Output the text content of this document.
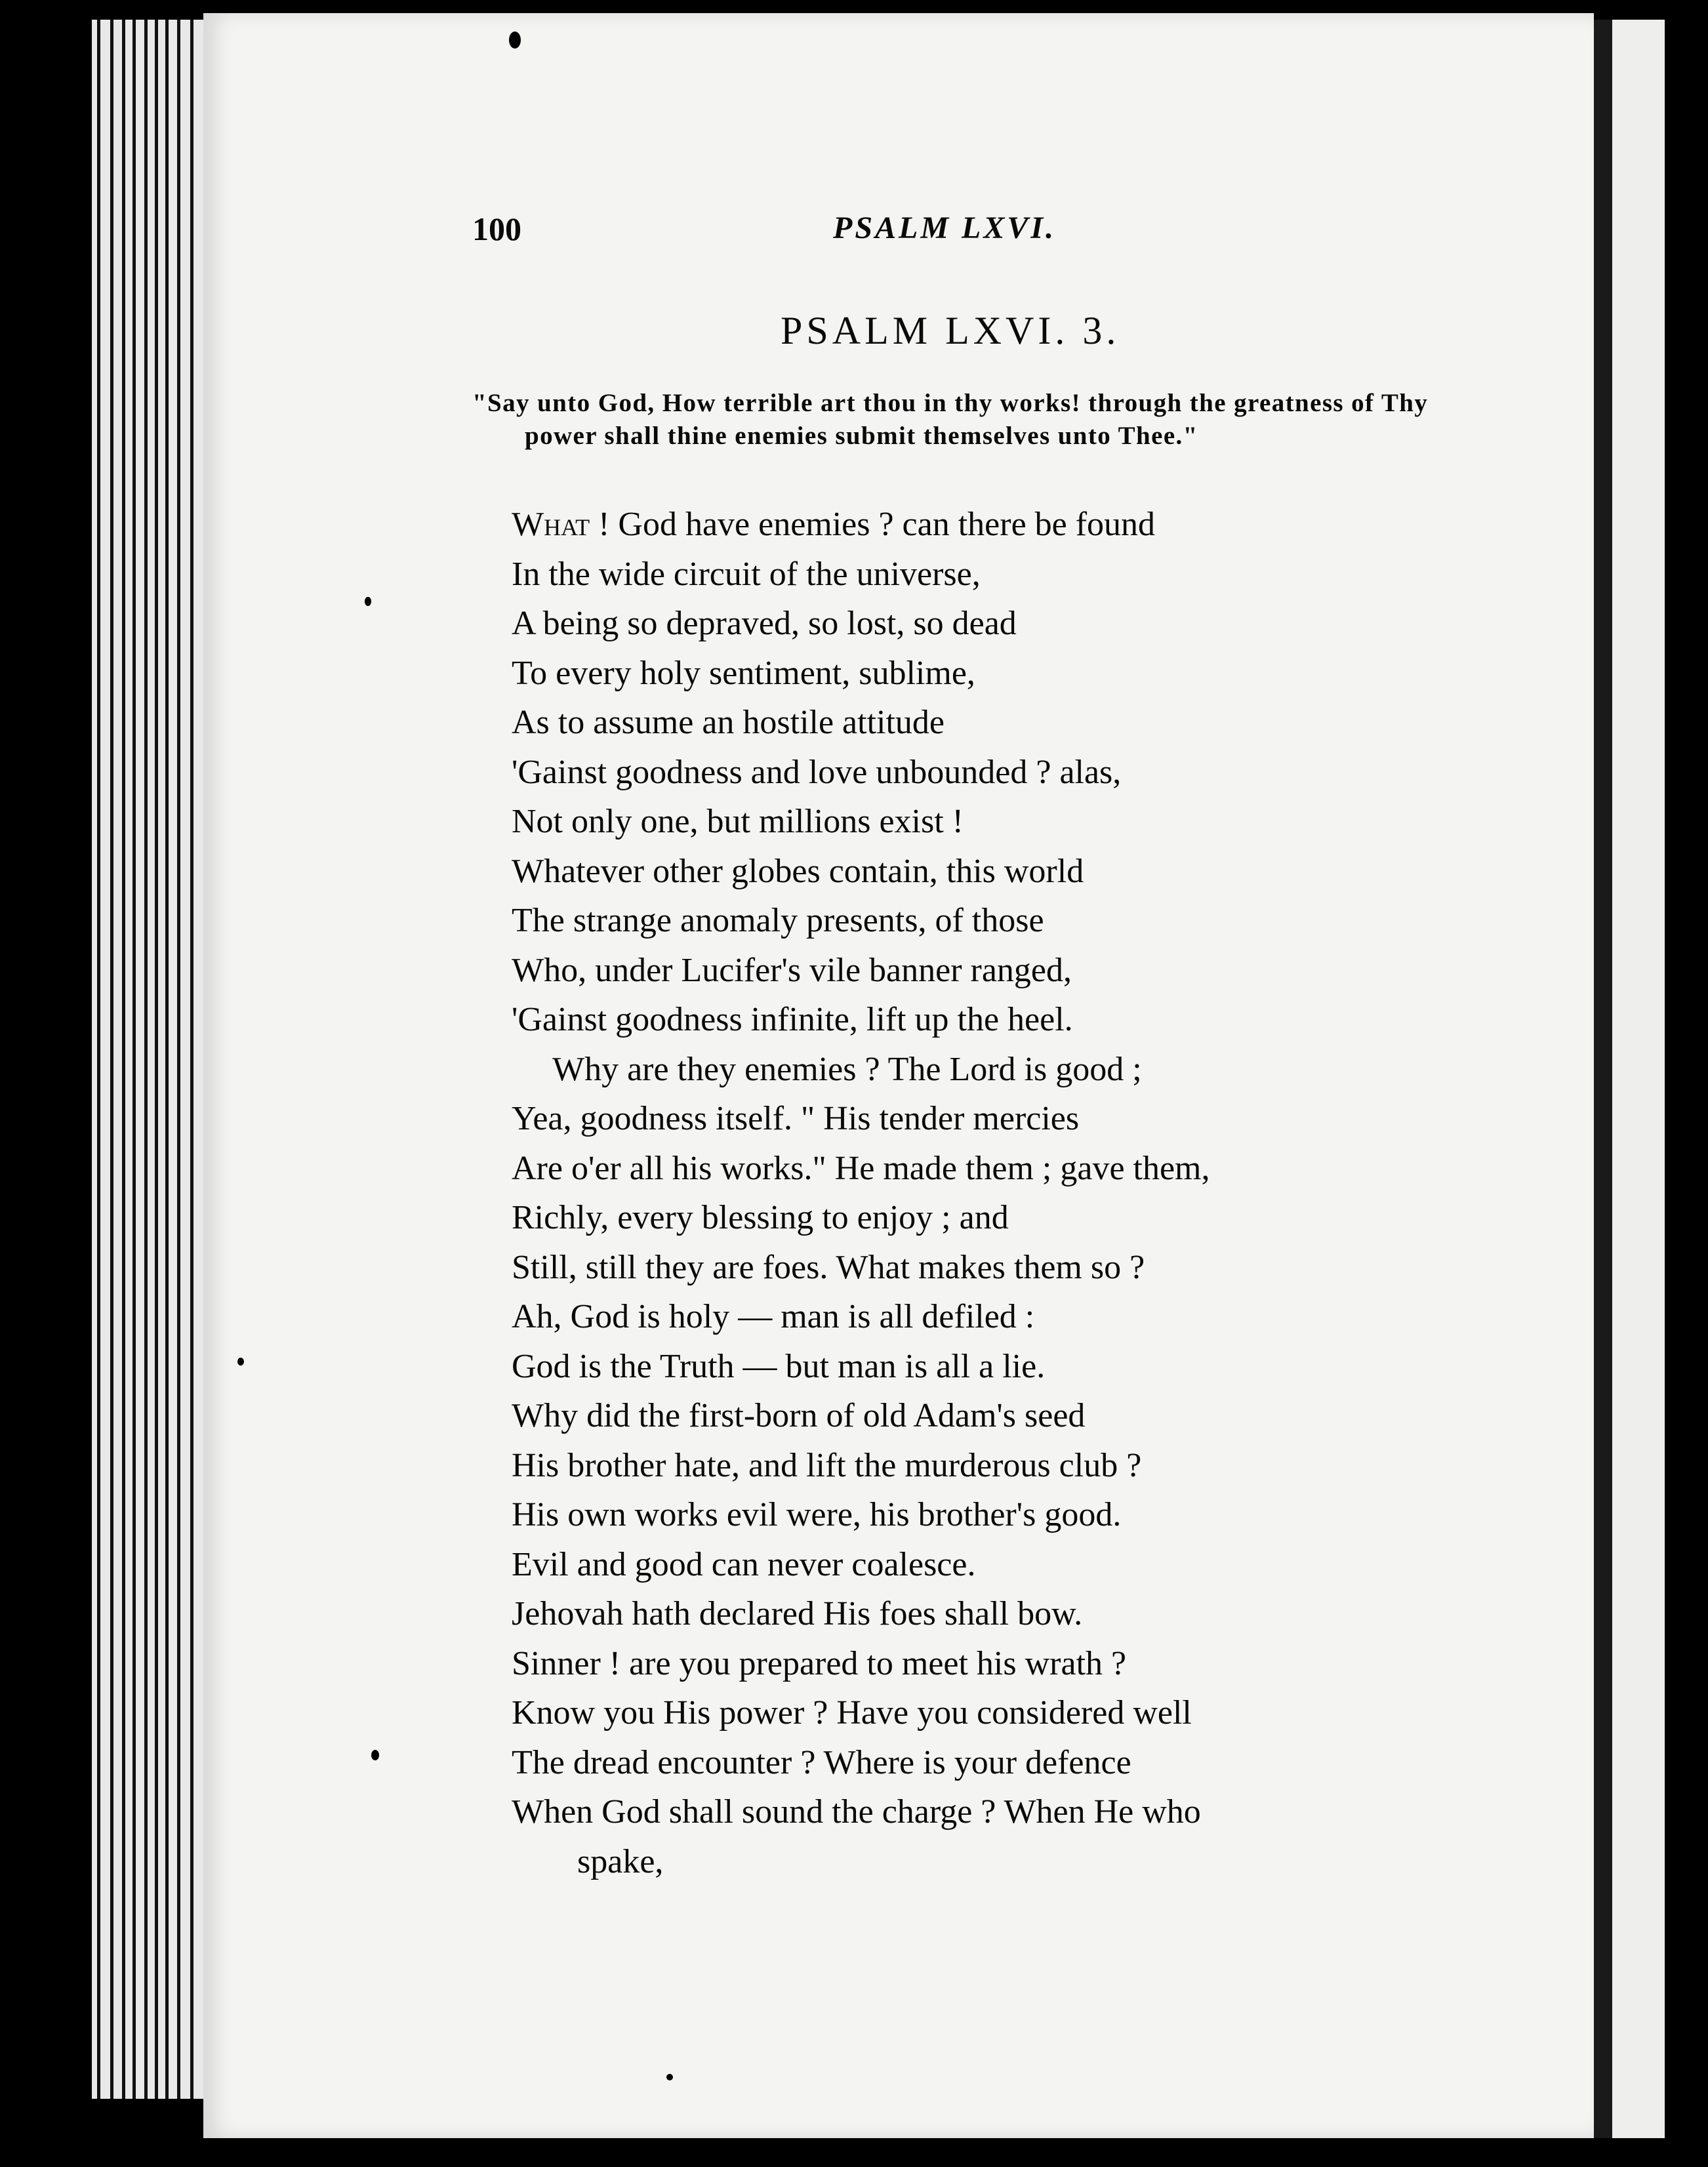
100	PSALM LXVI.
PSALM LXVI. 3.
"Say unto God, How terrible art thou in thy works! through the greatness of Thy power shall thine enemies submit themselves unto Thee."
What ! God have enemies ? can there be found
In the wide circuit of the universe,
A being so depraved, so lost, so dead
To every holy sentiment, sublime,
As to assume an hostile attitude
'Gainst goodness and love unbounded ? alas,
Not only one, but millions exist !
Whatever other globes contain, this world
The strange anomaly presents, of those
Who, under Lucifer's vile banner ranged,
'Gainst goodness infinite, lift up the heel.
Why are they enemies ? The Lord is good ;
Yea, goodness itself. " His tender mercies
Are o'er all his works." He made them ; gave them,
Richly, every blessing to enjoy ; and
Still, still they are foes. What makes them so ?
Ah, God is holy — man is all defiled :
God is the Truth — but man is all a lie.
Why did the first-born of old Adam's seed
His brother hate, and lift the murderous club ?
His own works evil were, his brother's good.
Evil and good can never coalesce.
Jehovah hath declared His foes shall bow.
Sinner ! are you prepared to meet his wrath ?
Know you His power ? Have you considered well
The dread encounter ? Where is your defence
When God shall sound the charge ? When He who
spake,
